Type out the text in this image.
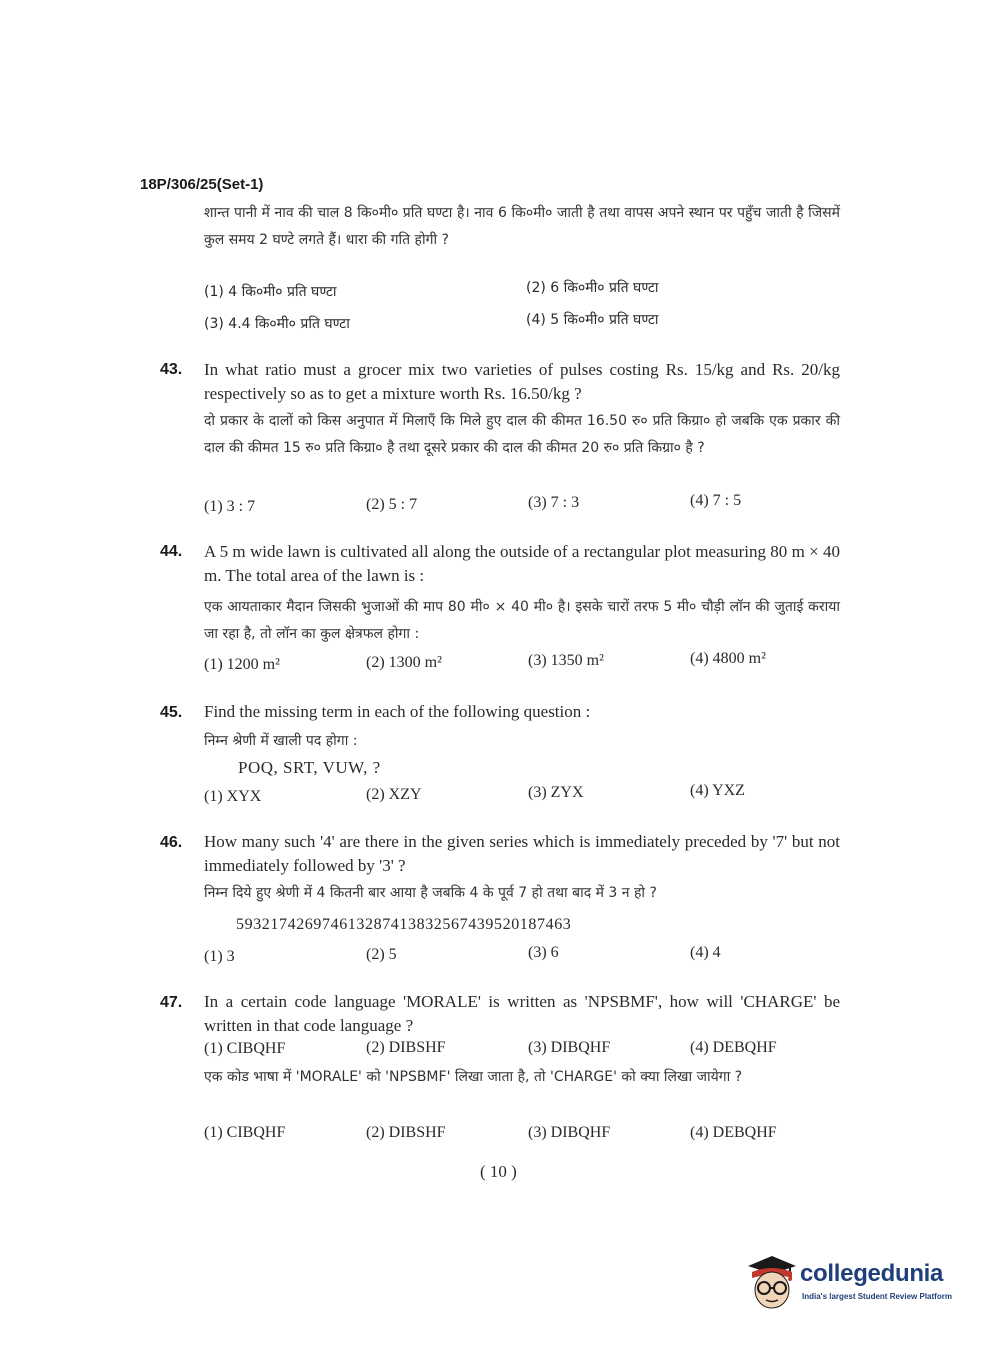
18P/306/25(Set-1)
शान्त पानी में नाव की चाल 8 कि०मी० प्रति घण्टा है। नाव 6 कि०मी० जाती है तथा वापस अपने स्थान पर पहुँच जाती है जिसमें कुल समय 2 घण्टे लगते हैं। धारा की गति होगी ?
(1) 4 कि०मी० प्रति घण्टा	(2) 6 कि०मी० प्रति घण्टा
(3) 4.4 कि०मी० प्रति घण्टा	(4) 5 कि०मी० प्रति घण्टा
43. In what ratio must a grocer mix two varieties of pulses costing Rs. 15/kg and Rs. 20/kg respectively so as to get a mixture worth Rs. 16.50/kg ?
दो प्रकार के दालों को किस अनुपात में मिलाएँ कि मिले हुए दाल की कीमत 16.50 रु० प्रति किग्रा० हो जबकि एक प्रकार की दाल की कीमत 15 रु० प्रति किग्रा० है तथा दूसरे प्रकार की दाल की कीमत 20 रु० प्रति किग्रा० है ?
(1) 3 : 7	(2) 5 : 7	(3) 7 : 3	(4) 7 : 5
44. A 5 m wide lawn is cultivated all along the outside of a rectangular plot measuring 80 m × 40 m. The total area of the lawn is :
एक आयताकार मैदान जिसकी भुजाओं की माप 80 मी० × 40 मी० है। इसके चारों तरफ 5 मी० चौड़ी लॉन की जुताई कराया जा रहा है, तो लॉन का कुल क्षेत्रफल होगा :
(1) 1200 m²	(2) 1300 m²	(3) 1350 m²	(4) 4800 m²
45. Find the missing term in each of the following question :
निम्न श्रेणी में खाली पद होगा :
POQ, SRT, VUW, ?
(1) XYX	(2) XZY	(3) ZYX	(4) YXZ
46. How many such '4' are there in the given series which is immediately preceded by '7' but not immediately followed by '3' ?
निम्न दिये हुए श्रेणी में 4 कितनी बार आया है जबकि 4 के पूर्व 7 हो तथा बाद में 3 न हो ?
5 9 3 2 1 7 4 2 6 9 7 4 6 1 3 2 8 7 4 1 3 8 3 2 5 6 7 4 3 9 5 2 0 1 8 7 4 6 3
(1) 3	(2) 5	(3) 6	(4) 4
47. In a certain code language 'MORALE' is written as 'NPSBMF', how will 'CHARGE' be written in that code language ?
(1) CIBQHF	(2) DIBSHF	(3) DIBQHF	(4) DEBQHF
एक कोड भाषा में 'MORALE' को 'NPSBMF' लिखा जाता है, तो 'CHARGE' को क्या लिखा जायेगा ?
(1) CIBQHF	(2) DIBSHF	(3) DIBQHF	(4) DEBQHF
( 10 )
collegedunia
India's largest Student Review Platform
